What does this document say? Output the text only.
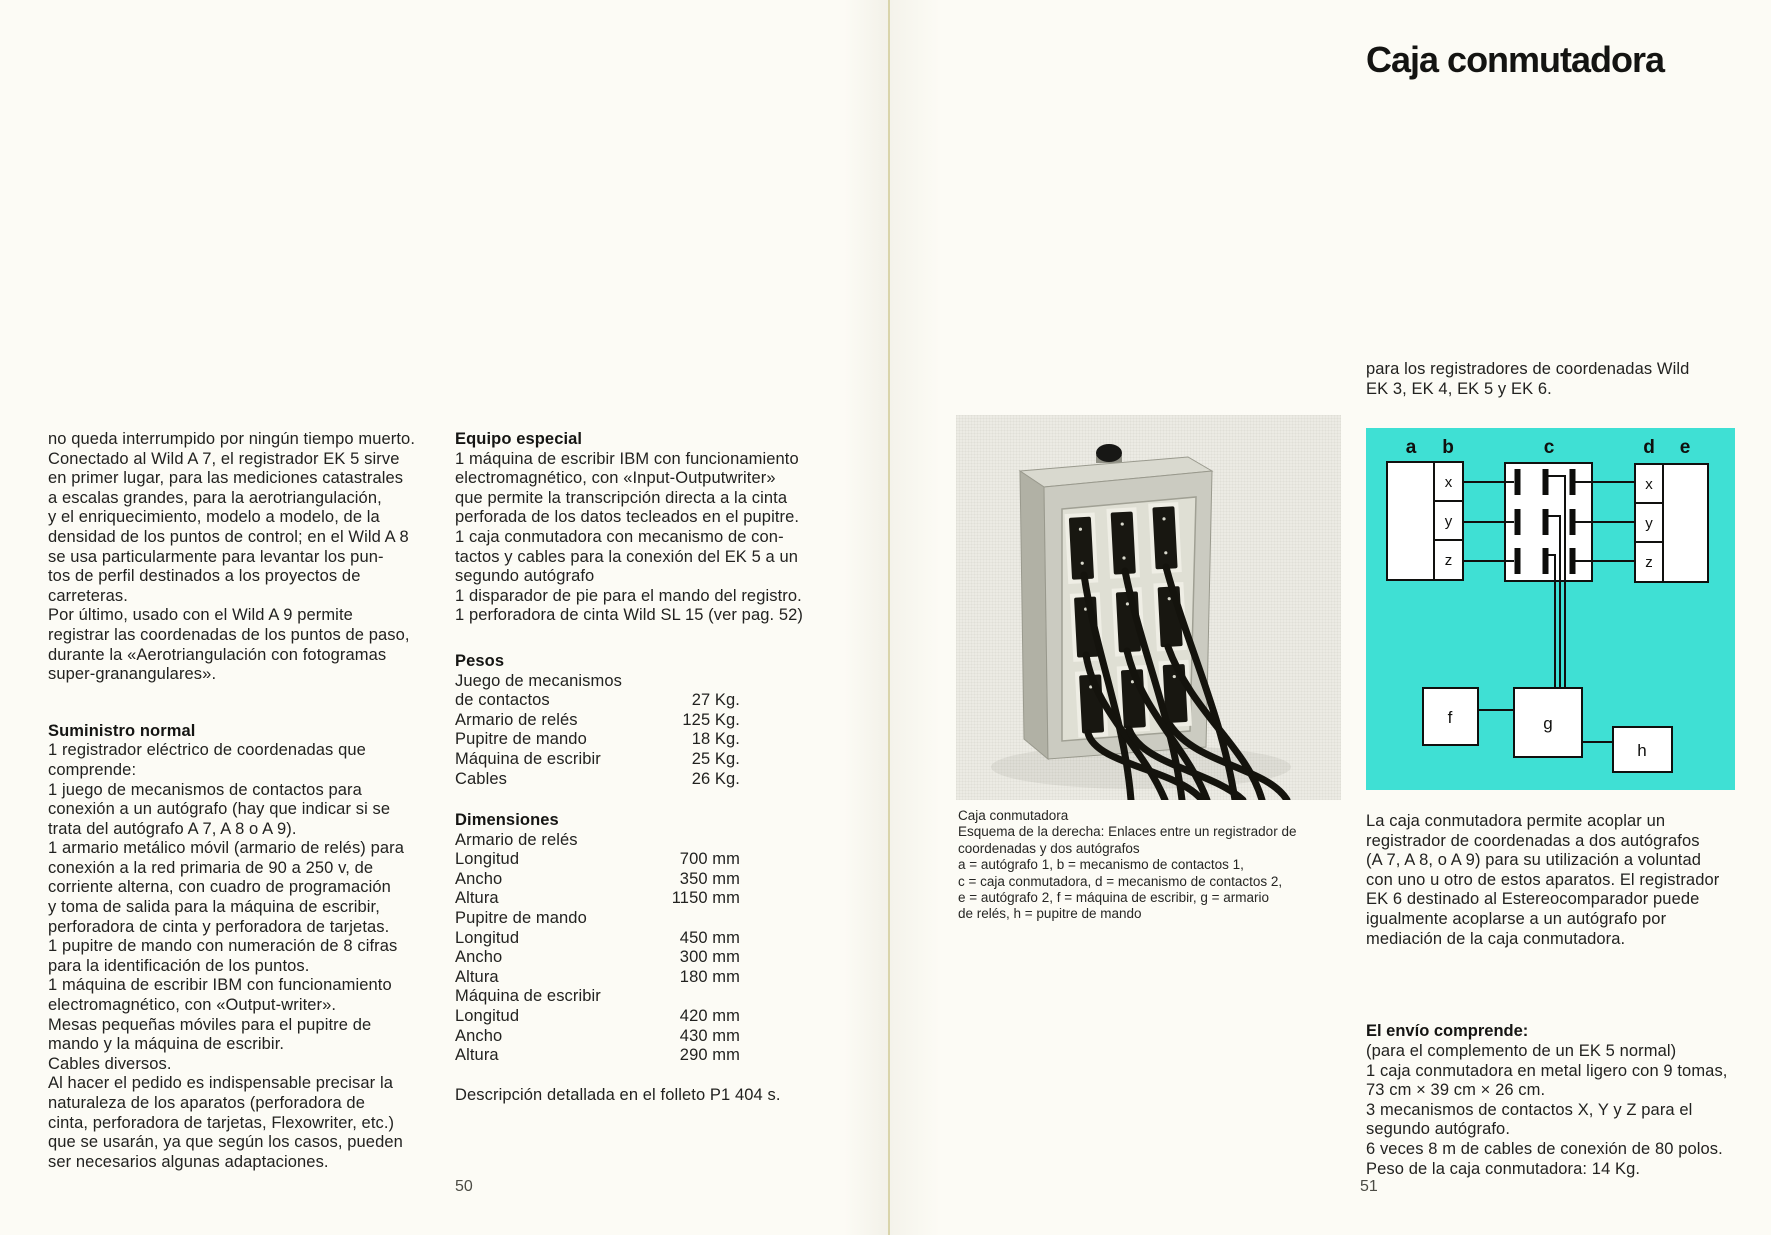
no queda interrumpido por ningún tiempo muerto.
Conectado al Wild A 7, el registrador EK 5 sirve
en primer lugar, para las mediciones catastrales
a escalas grandes, para la aerotriangulación,
y el enriquecimiento, modelo a modelo, de la
densidad de los puntos de control; en el Wild A 8
se usa particularmente para levantar los pun-
tos de perfil destinados a los proyectos de
carreteras.
Por último, usado con el Wild A 9 permite
registrar las coordenadas de los puntos de paso,
durante la «Aerotriangulación con fotogramas
super-granangulares».
Suministro normal
1 registrador eléctrico de coordenadas que
comprende:
1 juego de mecanismos de contactos para
conexión a un autógrafo (hay que indicar si se
trata del autógrafo A 7, A 8 o A 9).
1 armario metálico móvil (armario de relés) para
conexión a la red primaria de 90 a 250 v, de
corriente alterna, con cuadro de programación
y toma de salida para la máquina de escribir,
perforadora de cinta y perforadora de tarjetas.
1 pupitre de mando con numeración de 8 cifras
para la identificación de los puntos.
1 máquina de escribir IBM con funcionamiento
electromagnético, con «Output-writer».
Mesas pequeñas móviles para el pupitre de
mando y la máquina de escribir.
Cables diversos.
Al hacer el pedido es indispensable precisar la
naturaleza de los aparatos (perforadora de
cinta, perforadora de tarjetas, Flexowriter, etc.)
que se usarán, ya que según los casos, pueden
ser necesarios algunas adaptaciones.
Equipo especial
1 máquina de escribir IBM con funcionamiento
electromagnético, con «Input-Outputwriter»
que permite la transcripción directa a la cinta
perforada de los datos tecleados en el pupitre.
1 caja conmutadora con mecanismo de con-
tactos y cables para la conexión del EK 5 a un
segundo autógrafo
1 disparador de pie para el mando del registro.
1 perforadora de cinta Wild SL 15 (ver pag. 52)
Pesos
Juego de mecanismos
de contactos	27 Kg.
Armario de relés	125 Kg.
Pupitre de mando	18 Kg.
Máquina de escribir	25 Kg.
Cables	26 Kg.
Dimensiones
Armario de relés
Longitud	700 mm
Ancho	350 mm
Altura	1150 mm
Pupitre de mando
Longitud	450 mm
Ancho	300 mm
Altura	180 mm
Máquina de escribir
Longitud	420 mm
Ancho	430 mm
Altura	290 mm
Descripción detallada en el folleto P1 404 s.
50
Caja conmutadora
para los registradores de coordenadas Wild
EK 3, EK 4, EK 5 y EK 6.
Caja conmutadora
Esquema de la derecha: Enlaces entre un registrador de
coordenadas y dos autógrafos
a = autógrafo 1, b = mecanismo de contactos 1,
c = caja conmutadora, d = mecanismo de contactos 2,
e = autógrafo 2, f = máquina de escribir, g = armario
de relés, h = pupitre de mando
a b	c	d e
x
y
z
x
y
z
f	g
h
La caja conmutadora permite acoplar un
registrador de coordenadas a dos autógrafos
(A 7, A 8, o A 9) para su utilización a voluntad
con uno u otro de estos aparatos. El registrador
EK 6 destinado al Estereocomparador puede
igualmente acoplarse a un autógrafo por
mediación de la caja conmutadora.
El envío comprende:
(para el complemento de un EK 5 normal)
1 caja conmutadora en metal ligero con 9 tomas,
73 cm × 39 cm × 26 cm.
3 mecanismos de contactos X, Y y Z para el
segundo autógrafo.
6 veces 8 m de cables de conexión de 80 polos.
Peso de la caja conmutadora: 14 Kg.
51
